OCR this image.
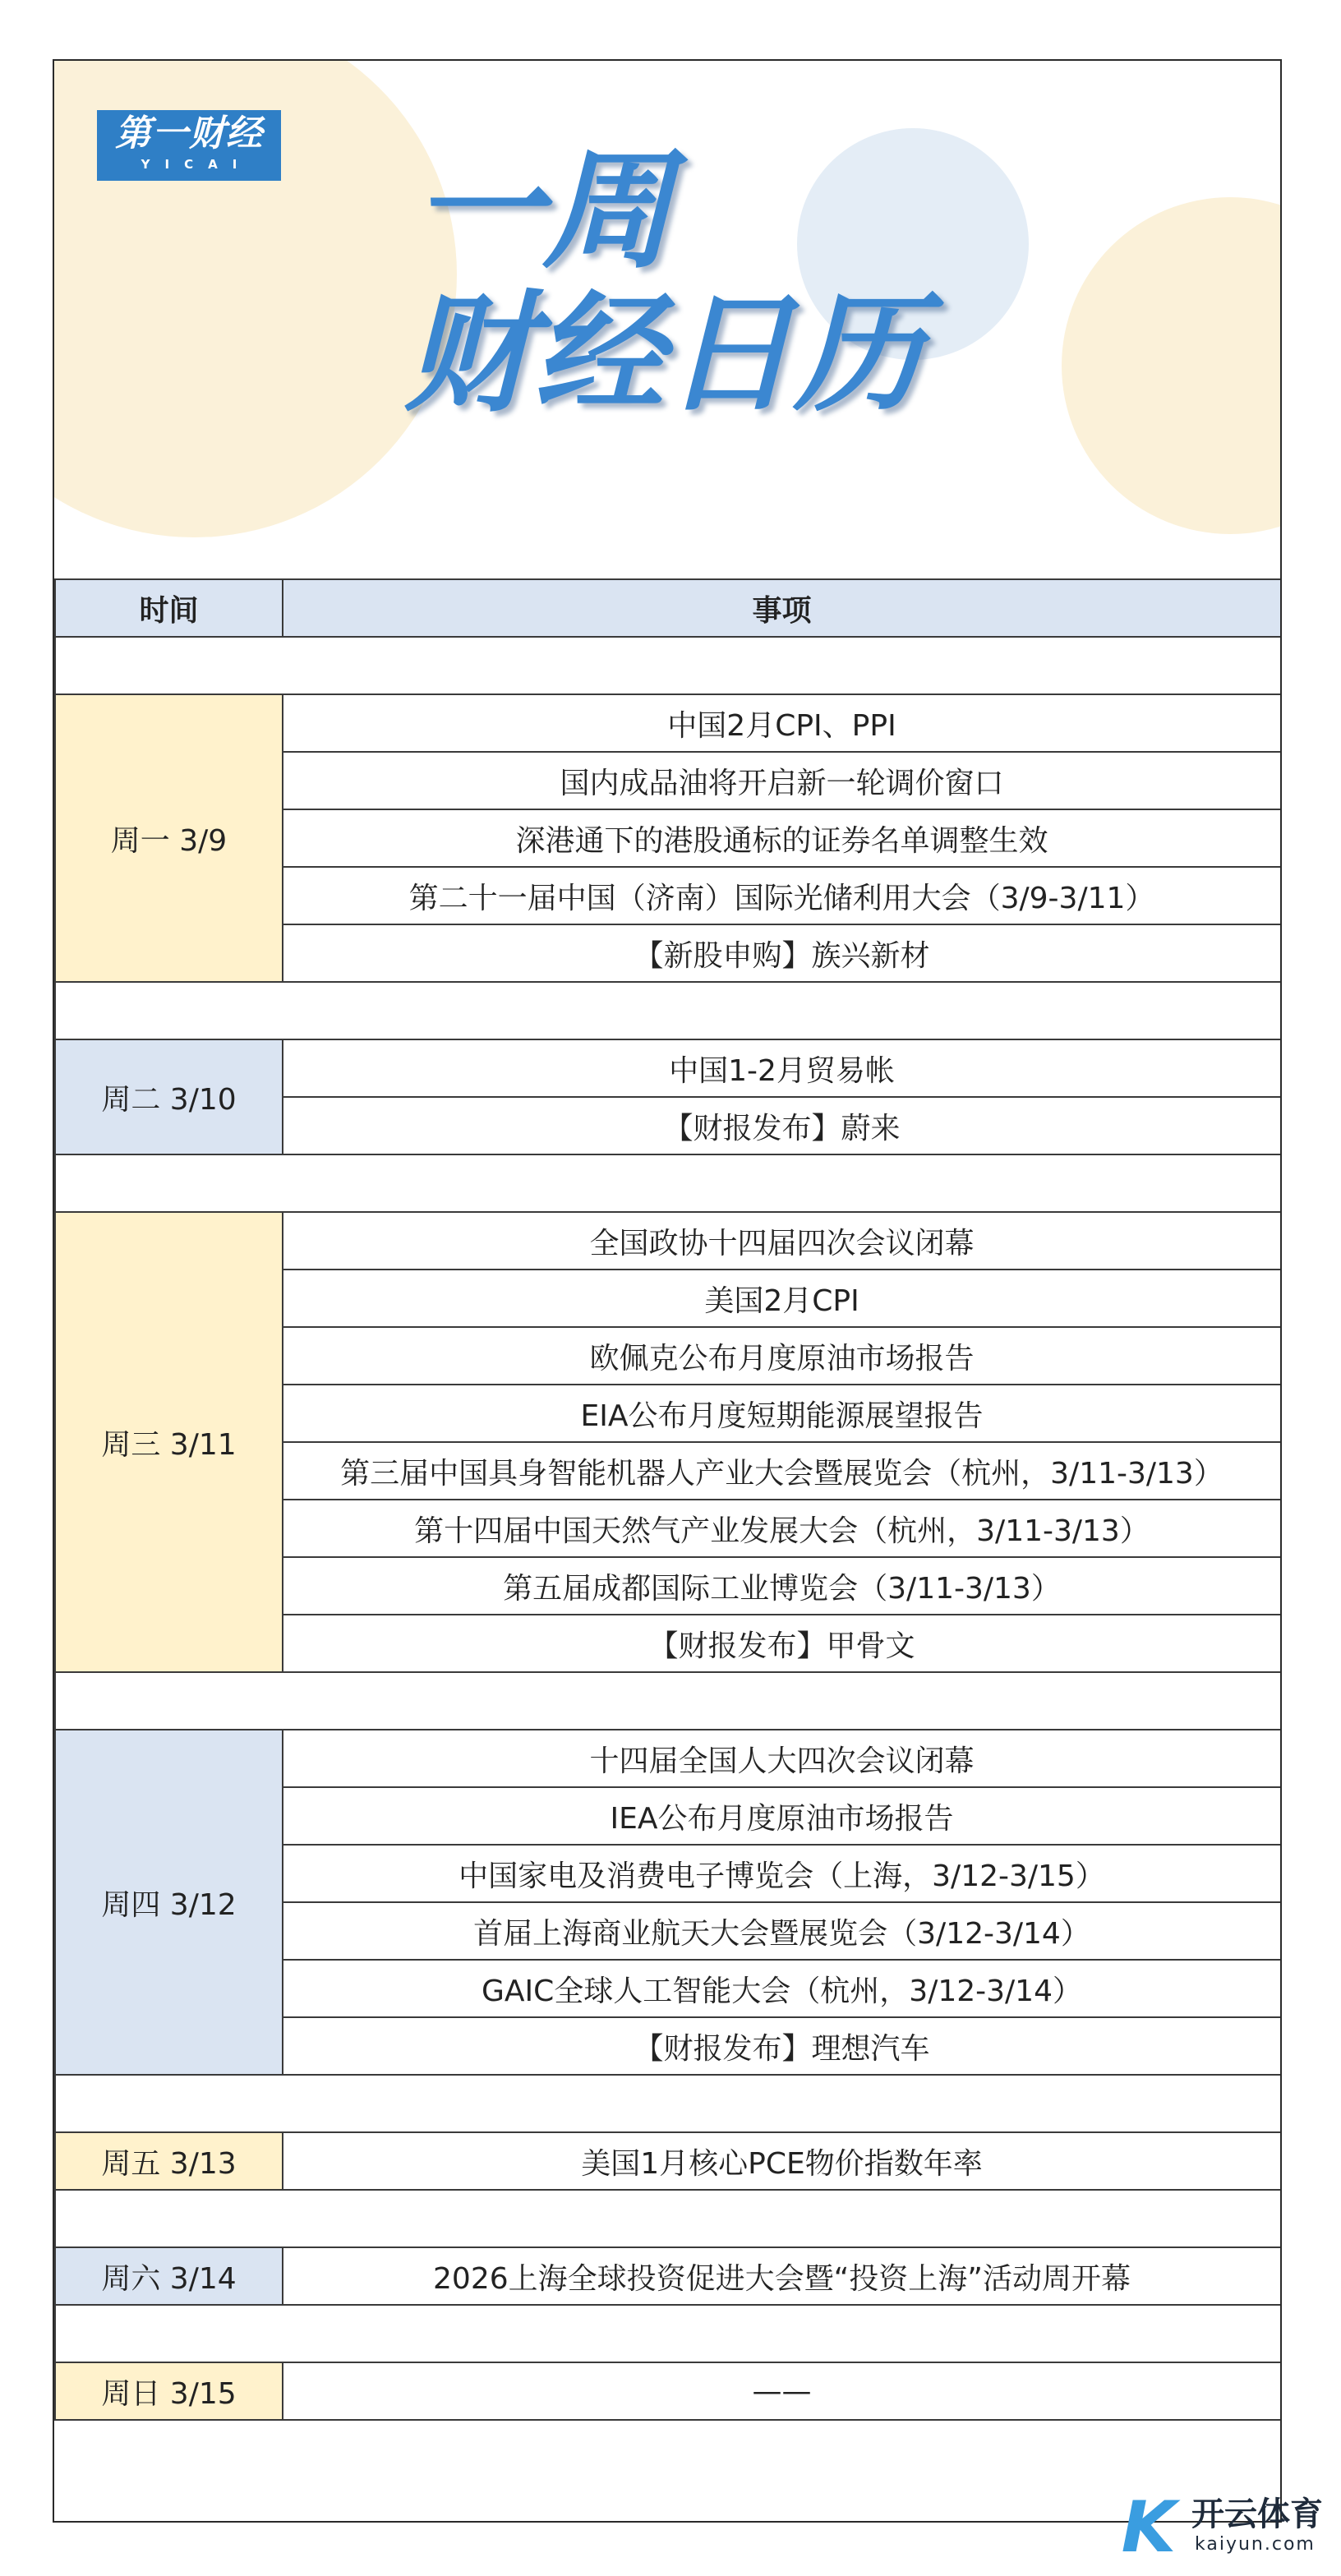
第一财经
YICAI 一周
财经日历
时间	事项

周一 3/9	中国2月CPI、PPI
	国内成品油将开启新一轮调价窗口
	深港通下的港股通标的证券名单调整生效
	第二十一届中国（济南）国际光储利用大会（3/9-3/11）
	【新股申购】族兴新材

周二 3/10	中国1-2月贸易帐
	【财报发布】蔚来

周三 3/11	全国政协十四届四次会议闭幕
	美国2月CPI
	欧佩克公布月度原油市场报告
	EIA公布月度短期能源展望报告
	第三届中国具身智能机器人产业大会暨展览会（杭州，3/11-3/13）
	第十四届中国天然气产业发展大会（杭州，3/11-3/13）
	第五届成都国际工业博览会（3/11-3/13）
	【财报发布】甲骨文

周四 3/12	十四届全国人大四次会议闭幕
	IEA公布月度原油市场报告
	中国家电及消费电子博览会（上海，3/12-3/15）
	首届上海商业航天大会暨展览会（3/12-3/14）
	GAIC全球人工智能大会（杭州，3/12-3/14）
	【财报发布】理想汽车

周五 3/13	美国1月核心PCE物价指数年率

周六 3/14	2026上海全球投资促进大会暨“投资上海”活动周开幕

周日 3/15	——
K 开云体育
kaiyun.com
